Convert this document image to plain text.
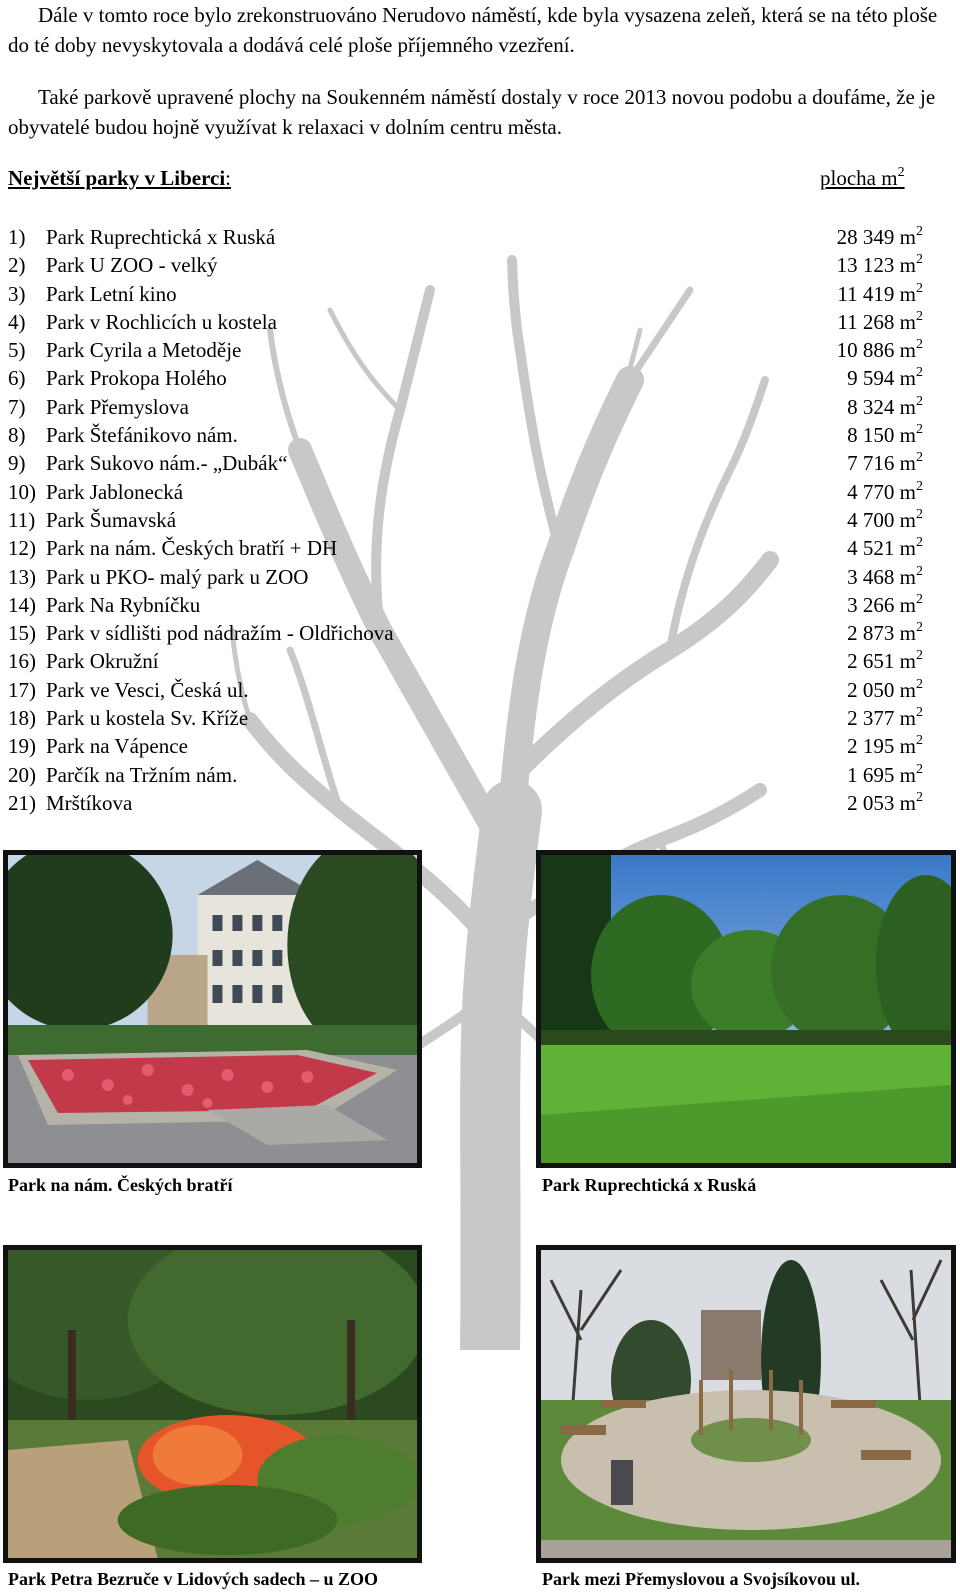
Dále v tomto roce bylo zrekonstruováno Nerudovo náměstí, kde byla vysazena zeleň, která se na této ploše do té doby nevyskytovala a dodává celé ploše příjemného vzezření.

Také parkově upravené plochy na Soukenném náměstí dostaly v roce 2013 novou podobu a doufáme, že je obyvatelé budou hojně využívat k relaxaci v dolním centru města.

Největší parky v Liberci:	plocha $m^2$
1) Park Ruprechtická x Ruská	28 349 $m^2$
2) Park U ZOO - velký	13 123 $m^2$
3) Park Letní kino	11 419 $m^2$
4) Park v Rochlicích u kostela	11 268 $m^2$
5) Park Cyrila a Metoděje	10 886 $m^2$
6) Park Prokopa Holého	9 594 $m^2$
7) Park Přemyslova	8 324 $m^2$
8) Park Štefánikovo nám.	8 150 $m^2$
9) Park Sukovo nám.- „Dubák“	7 716 $m^2$
10) Park Jablonecká	4 770 $m^2$
11) Park Šumavská	4 700 $m^2$
12) Park na nám. Českých bratří + DH	4 521 $m^2$
13) Park u PKO- malý park u ZOO	3 468 $m^2$
14) Park Na Rybníčku	3 266 $m^2$
15) Park v sídlišti pod nádražím - Oldřichova	2 873 $m^2$
16) Park Okružní	2 651 $m^2$
17) Park ve Vesci, Česká ul.	2 050 $m^2$
18) Park u kostela Sv. Kříže	2 377 $m^2$
19) Park na Vápence	2 195 $m^2$
20) Parčík na Tržním nám.	1 695 $m^2$
21) Mrštíkova	2 053 $m^2$
Park na nám. Českých bratří	Park Ruprechtická x Ruská
Park Petra Bezruče v Lidových sadech – u ZOO	Park mezi Přemyslovou a Svojsíkovou ul.
